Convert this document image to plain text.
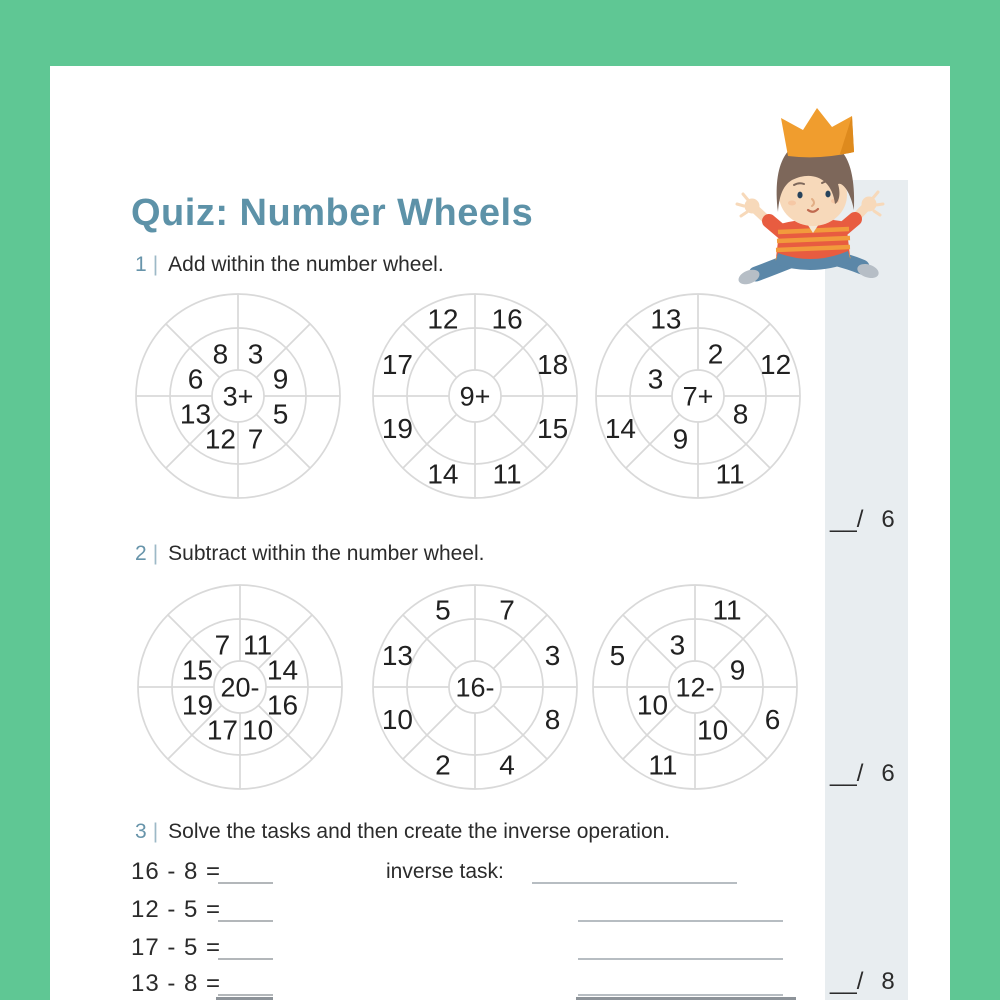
Quiz: Number Wheels
1 | Add within the number wheel.
2 | Subtract within the number wheel.
3 | Solve the tasks and then create the inverse operation.
3+
3
9
5
7
12
13
6
8
9+
16
18
15
11
14
19
17
12
7+
2 12
8
11
9
14
3
13
20-
11
14
16
10
17
19
15
7
16-
7
3
8
4
2
10
13
5
12-
11
9
6
10
11
10
5 3
16 - 8 =	inverse task:
12 - 5 =
17 - 5 =
13 - 8 =
__/ 6
__/ 6
__/ 8
